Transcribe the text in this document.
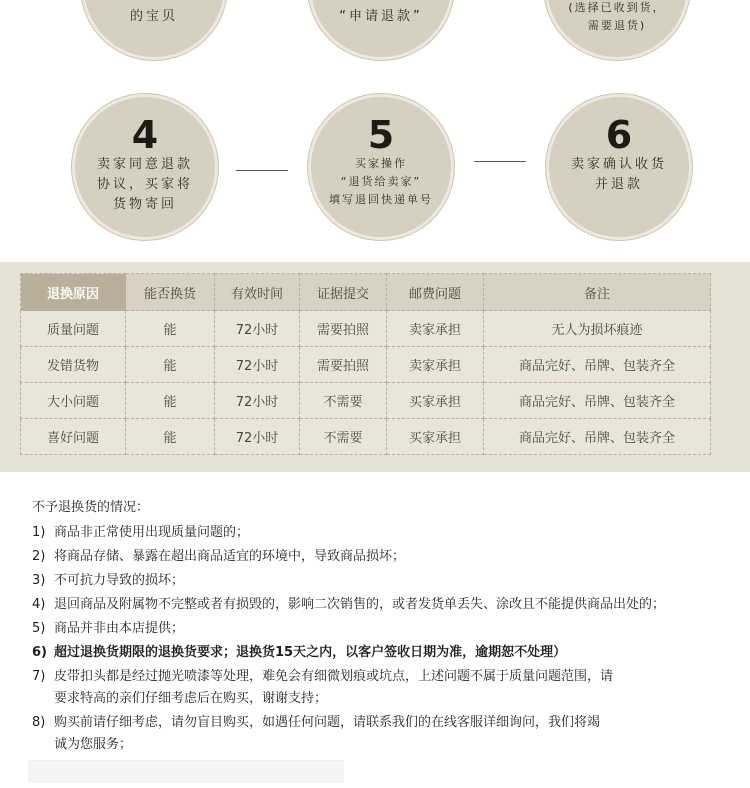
的宝贝	“申请退款”
(选择已收到货，
需要退货)
4
卖家同意退款
协议，买家将
货物寄回
5
买家操作
“退货给卖家”
填写退回快递单号
6
卖家确认收货
并退款
退换原因	能否换货	有效时间	证据提交	邮费问题	备注
质量问题	能	72小时	需要拍照	卖家承担	无人为损坏痕迹
发错货物	能	72小时	需要拍照	卖家承担	商品完好、吊牌、包装齐全
大小问题	能	72小时	不需要	买家承担	商品完好、吊牌、包装齐全
喜好问题	能	72小时	不需要	买家承担	商品完好、吊牌、包装齐全
不予退换货的情况：
1) 商品非正常使用出现质量问题的；
2) 将商品存储、暴露在超出商品适宜的环境中，导致商品损坏；
3) 不可抗力导致的损坏；
4) 退回商品及附属物不完整或者有损毁的，影响二次销售的，或者发货单丢失、涂改且不能提供商品出处的；
5) 商品并非由本店提供；
6) 超过退换货期限的退换货要求；退换货15天之内，以客户签收日期为准，逾期恕不处理）
7) 皮带扣头都是经过抛光喷漆等处理，难免会有细微划痕或坑点，上述问题不属于质量问题范围，请
要求特高的亲们仔细考虑后在购买，谢谢支持；
8) 购买前请仔细考虑，请勿盲目购买，如遇任何问题，请联系我们的在线客服详细询问，我们将竭
诚为您服务；
